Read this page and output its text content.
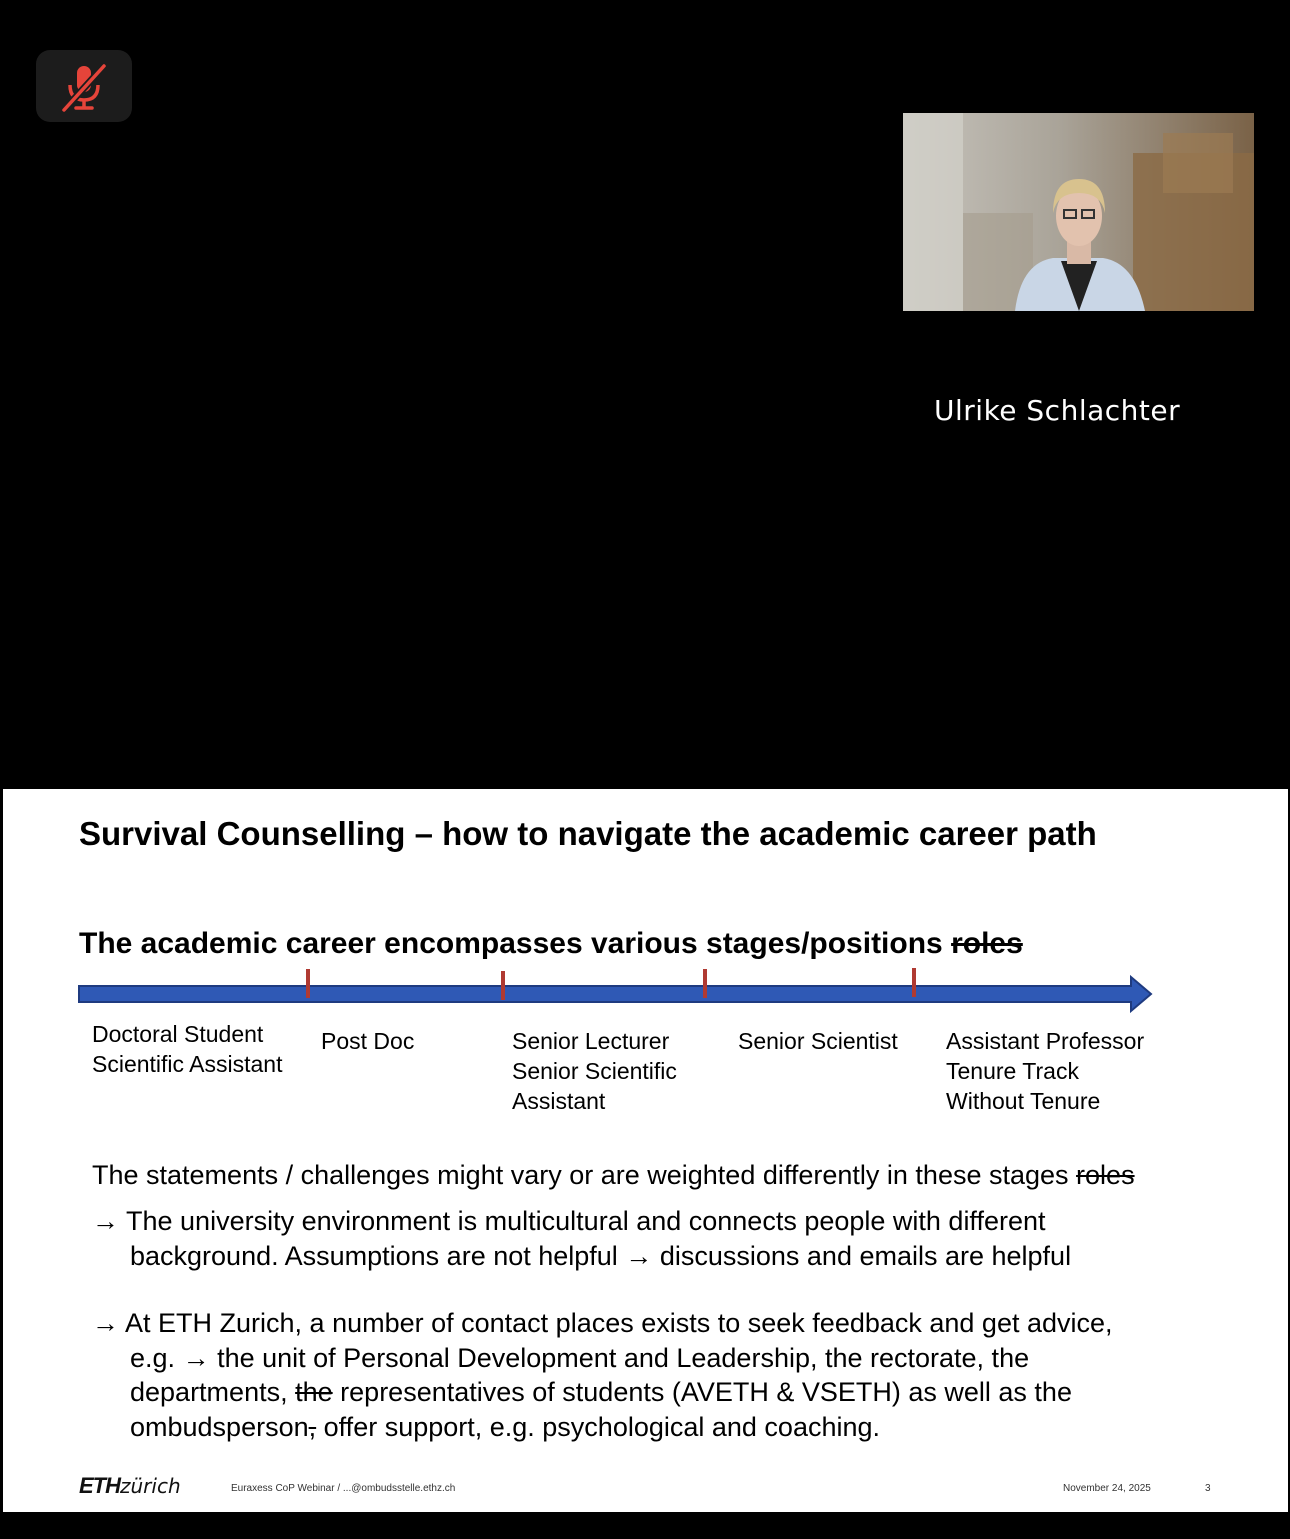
Ulrike Schlachter
Survival Counselling – how to navigate the academic career path
The academic career encompasses various stages/positions roles
Doctoral Student
Scientific Assistant
Post Doc	Senior Lecturer
Senior Scientific
Assistant
Senior Scientist Assistant Professor
Tenure Track
Without Tenure
The statements / challenges might vary or are weighted differently in these stages roles
→ The university environment is multicultural and connects people with different
background. Assumptions are not helpful → discussions and emails are helpful
→ At ETH Zurich, a number of contact places exists to seek feedback and get advice,
e.g. → the unit of Personal Development and Leadership, the rectorate, the
departments, the representatives of students (AVETH & VSETH) as well as the
ombudsperson, offer support, e.g. psychological and coaching.
ETHzürich	Euraxess CoP Webinar / ...@ombudsstelle.ethz.ch	November 24, 2025	3
